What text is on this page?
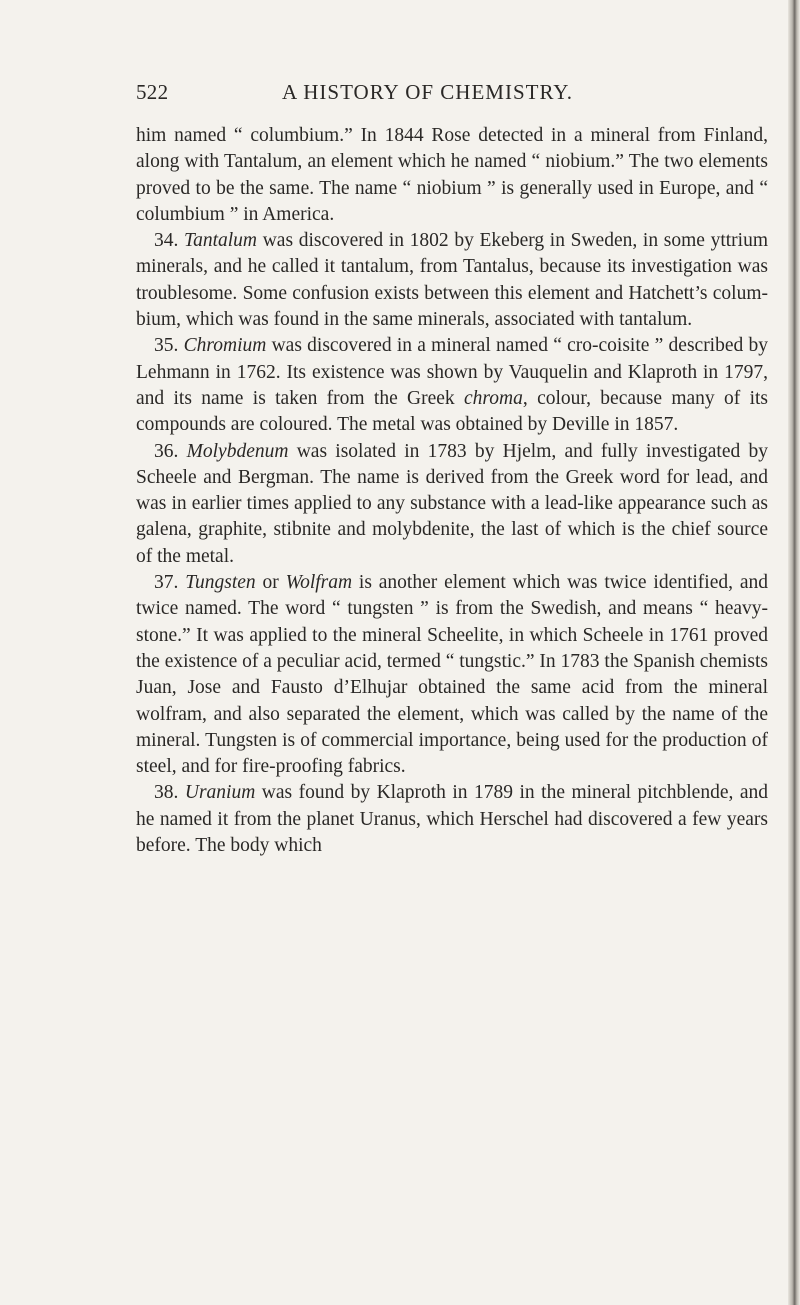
522	A HISTORY OF CHEMISTRY.

him named “ columbium.” In 1844 Rose detected in a mineral from Finland, along with Tantalum, an element which he named “ niobium.” The two elements proved to be the same. The name “ niobium ” is generally used in Europe, and “ columbium ” in America.

34. Tantalum was discovered in 1802 by Ekeberg in Sweden, in some yttrium minerals, and he called it tantalum, from Tantalus, because its investigation was troublesome. Some confusion exists between this element and Hatchett’s colum-bium, which was found in the same minerals, associated with tantalum.

35. Chromium was discovered in a mineral named “ cro-coisite ” described by Lehmann in 1762. Its existence was shown by Vauquelin and Klaproth in 1797, and its name is taken from the Greek chroma, colour, because many of its compounds are coloured. The metal was obtained by Deville in 1857.

36. Molybdenum was isolated in 1783 by Hjelm, and fully investigated by Scheele and Bergman. The name is derived from the Greek word for lead, and was in earlier times applied to any substance with a lead-like appearance such as galena, graphite, stibnite and molybdenite, the last of which is the chief source of the metal.

37. Tungsten or Wolfram is another element which was twice identified, and twice named. The word “ tungsten ” is from the Swedish, and means “ heavy-stone.” It was applied to the mineral Scheelite, in which Scheele in 1761 proved the existence of a peculiar acid, termed “ tungstic.” In 1783 the Spanish chemists Juan, Jose and Fausto d’Elhujar obtained the same acid from the mineral wolfram, and also separated the element, which was called by the name of the mineral. Tungsten is of commercial importance, being used for the production of steel, and for fire-proofing fabrics.

38. Uranium was found by Klaproth in 1789 in the mineral pitchblende, and he named it from the planet Uranus, which Herschel had discovered a few years before. The body which
